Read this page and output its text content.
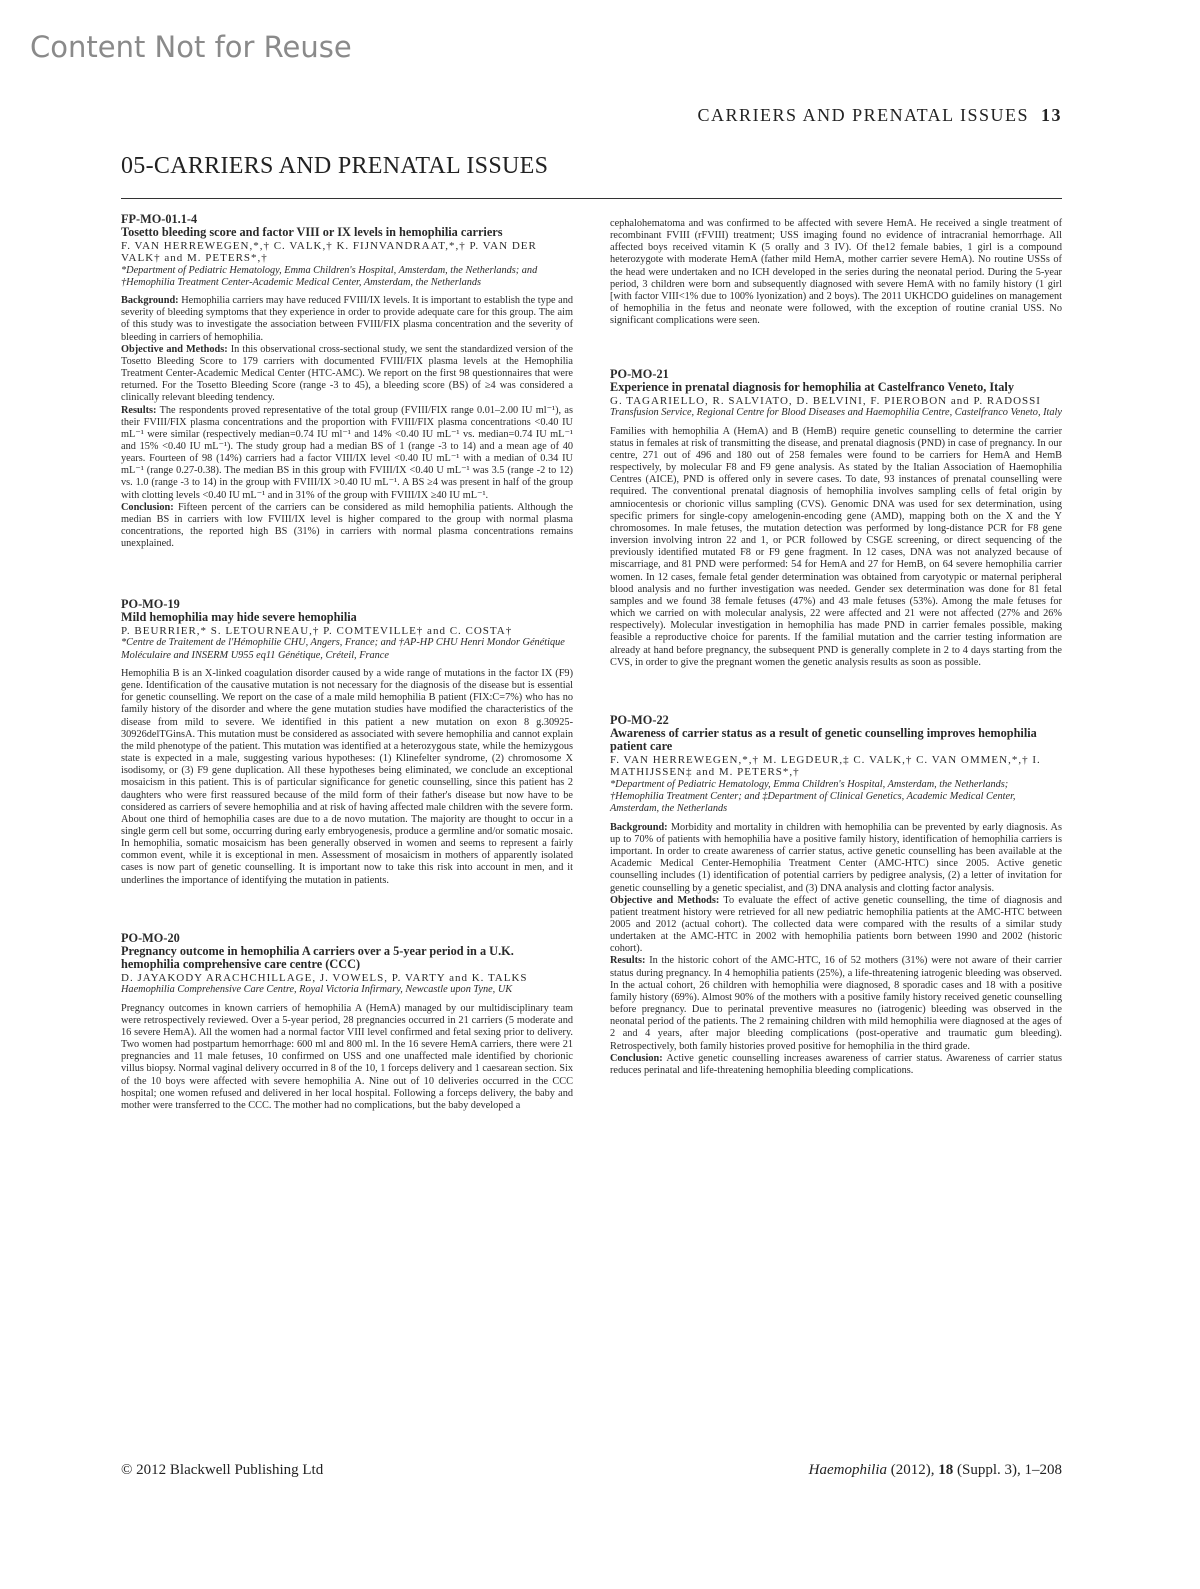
Content Not for Reuse
CARRIERS AND PRENATAL ISSUES 13
05-CARRIERS AND PRENATAL ISSUES
FP-MO-01.1-4
Tosetto bleeding score and factor VIII or IX levels in hemophilia carriers
F. VAN HERREWEGEN,*,† C. VALK,† K. FIJNVANDRAAT,*,† P. VAN DER VALK† and M. PETERS*,†
*Department of Pediatric Hematology, Emma Children's Hospital, Amsterdam, the Netherlands; and †Hemophilia Treatment Center-Academic Medical Center, Amsterdam, the Netherlands
Background: Hemophilia carriers may have reduced FVIII/IX levels. It is important to establish the type and severity of bleeding symptoms that they experience in order to provide adequate care for this group. The aim of this study was to investigate the association between FVIII/FIX plasma concentration and the severity of bleeding in carriers of hemophilia.
Objective and Methods: In this observational cross-sectional study, we sent the standardized version of the Tosetto Bleeding Score to 179 carriers with documented FVIII/FIX plasma levels at the Hemophilia Treatment Center-Academic Medical Center (HTC-AMC). We report on the first 98 questionnaires that were returned. For the Tosetto Bleeding Score (range -3 to 45), a bleeding score (BS) of ≥4 was considered a clinically relevant bleeding tendency.
Results: The respondents proved representative of the total group (FVIII/FIX range 0.01–2.00 IU ml⁻¹), as their FVIII/FIX plasma concentrations and the proportion with FVIII/FIX plasma concentrations <0.40 IU mL⁻¹ were similar (respectively median=0.74 IU ml⁻¹ and 14% <0.40 IU mL⁻¹ vs. median=0.74 IU mL⁻¹ and 15% <0.40 IU mL⁻¹). The study group had a median BS of 1 (range -3 to 14) and a mean age of 40 years. Fourteen of 98 (14%) carriers had a factor VIII/IX level <0.40 IU mL⁻¹ with a median of 0.34 IU mL⁻¹ (range 0.27-0.38). The median BS in this group with FVIII/IX <0.40 U mL⁻¹ was 3.5 (range -2 to 12) vs. 1.0 (range -3 to 14) in the group with FVIII/IX >0.40 IU mL⁻¹. A BS ≥4 was present in half of the group with clotting levels <0.40 IU mL⁻¹ and in 31% of the group with FVIII/IX ≥40 IU mL⁻¹.
Conclusion: Fifteen percent of the carriers can be considered as mild hemophilia patients. Although the median BS in carriers with low FVIII/IX level is higher compared to the group with normal plasma concentrations, the reported high BS (31%) in carriers with normal plasma concentrations remains unexplained.
PO-MO-19
Mild hemophilia may hide severe hemophilia
P. BEURRIER,* S. LETOURNEAU,† P. COMTEVILLE† and C. COSTA†
*Centre de Traitement de l'Hémophilie CHU, Angers, France; and †AP-HP CHU Henri Mondor Génétique Moléculaire and INSERM U955 eq11 Génétique, Créteil, France
Hemophilia B is an X-linked coagulation disorder caused by a wide range of mutations in the factor IX (F9) gene. Identification of the causative mutation is not necessary for the diagnosis of the disease but is essential for genetic counselling. We report on the case of a male mild hemophilia B patient (FIX:C=7%) who has no family history of the disorder and where the gene mutation studies have modified the characteristics of the disease from mild to severe. We identified in this patient a new mutation on exon 8 g.30925-30926delTGinsA. This mutation must be considered as associated with severe hemophilia and cannot explain the mild phenotype of the patient. This mutation was identified at a heterozygous state, while the hemizygous state is expected in a male, suggesting various hypotheses: (1) Klinefelter syndrome, (2) chromosome X isodisomy, or (3) F9 gene duplication. All these hypotheses being eliminated, we conclude an exceptional mosaicism in this patient. This is of particular significance for genetic counselling, since this patient has 2 daughters who were first reassured because of the mild form of their father's disease but now have to be considered as carriers of severe hemophilia and at risk of having affected male children with the severe form. About one third of hemophilia cases are due to a de novo mutation. The majority are thought to occur in a single germ cell but some, occurring during early embryogenesis, produce a germline and/or somatic mosaic. In hemophilia, somatic mosaicism has been generally observed in women and seems to represent a fairly common event, while it is exceptional in men. Assessment of mosaicism in mothers of apparently isolated cases is now part of genetic counselling. It is important now to take this risk into account in men, and it underlines the importance of identifying the mutation in patients.
PO-MO-20
Pregnancy outcome in hemophilia A carriers over a 5-year period in a U.K. hemophilia comprehensive care centre (CCC)
D. JAYAKODY ARACHCHILLAGE, J. VOWELS, P. VARTY and K. TALKS
Haemophilia Comprehensive Care Centre, Royal Victoria Infirmary, Newcastle upon Tyne, UK
Pregnancy outcomes in known carriers of hemophilia A (HemA) managed by our multidisciplinary team were retrospectively reviewed. Over a 5-year period, 28 pregnancies occurred in 21 carriers (5 moderate and 16 severe HemA). All the women had a normal factor VIII level confirmed and fetal sexing prior to delivery. Two women had postpartum hemorrhage: 600 ml and 800 ml. In the 16 severe HemA carriers, there were 21 pregnancies and 11 male fetuses, 10 confirmed on USS and one unaffected male identified by chorionic villus biopsy. Normal vaginal delivery occurred in 8 of the 10, 1 forceps delivery and 1 caesarean section. Six of the 10 boys were affected with severe hemophilia A. Nine out of 10 deliveries occurred in the CCC hospital; one women refused and delivered in her local hospital. Following a forceps delivery, the baby and mother were transferred to the CCC. The mother had no complications, but the baby developed a
cephalohematoma and was confirmed to be affected with severe HemA. He received a single treatment of recombinant FVIII (rFVIII) treatment; USS imaging found no evidence of intracranial hemorrhage. All affected boys received vitamin K (5 orally and 3 IV). Of the12 female babies, 1 girl is a compound heterozygote with moderate HemA (father mild HemA, mother carrier severe HemA). No routine USSs of the head were undertaken and no ICH developed in the series during the neonatal period. During the 5-year period, 3 children were born and subsequently diagnosed with severe HemA with no family history (1 girl [with factor VIII<1% due to 100% lyonization) and 2 boys). The 2011 UKHCDO guidelines on management of hemophilia in the fetus and neonate were followed, with the exception of routine cranial USS. No significant complications were seen.
PO-MO-21
Experience in prenatal diagnosis for hemophilia at Castelfranco Veneto, Italy
G. TAGARIELLO, R. SALVIATO, D. BELVINI, F. PIEROBON and P. RADOSSI
Transfusion Service, Regional Centre for Blood Diseases and Haemophilia Centre, Castelfranco Veneto, Italy
Families with hemophilia A (HemA) and B (HemB) require genetic counselling to determine the carrier status in females at risk of transmitting the disease, and prenatal diagnosis (PND) in case of pregnancy. In our centre, 271 out of 496 and 180 out of 258 females were found to be carriers for HemA and HemB respectively, by molecular F8 and F9 gene analysis. As stated by the Italian Association of Haemophilia Centres (AICE), PND is offered only in severe cases. To date, 93 instances of prenatal counselling were required. The conventional prenatal diagnosis of hemophilia involves sampling cells of fetal origin by amniocentesis or chorionic villus sampling (CVS). Genomic DNA was used for sex determination, using specific primers for single-copy amelogenin-encoding gene (AMD), mapping both on the X and the Y chromosomes. In male fetuses, the mutation detection was performed by long-distance PCR for F8 gene inversion involving intron 22 and 1, or PCR followed by CSGE screening, or direct sequencing of the previously identified mutated F8 or F9 gene fragment. In 12 cases, DNA was not analyzed because of miscarriage, and 81 PND were performed: 54 for HemA and 27 for HemB, on 64 severe hemophilia carrier women. In 12 cases, female fetal gender determination was obtained from caryotypic or maternal peripheral blood analysis and no further investigation was needed. Gender sex determination was done for 81 fetal samples and we found 38 female fetuses (47%) and 43 male fetuses (53%). Among the male fetuses for which we carried on with molecular analysis, 22 were affected and 21 were not affected (27% and 26% respectively). Molecular investigation in hemophilia has made PND in carrier females possible, making feasible a reproductive choice for parents. If the familial mutation and the carrier testing information are already at hand before pregnancy, the subsequent PND is generally complete in 2 to 4 days starting from the CVS, in order to give the pregnant women the genetic analysis results as soon as possible.
PO-MO-22
Awareness of carrier status as a result of genetic counselling improves hemophilia patient care
F. VAN HERREWEGEN,*,† M. LEGDEUR,‡ C. VALK,† C. VAN OMMEN,*,† I. MATHIJSSEN‡ and M. PETERS*,†
*Department of Pediatric Hematology, Emma Children's Hospital, Amsterdam, the Netherlands; †Hemophilia Treatment Center; and ‡Department of Clinical Genetics, Academic Medical Center, Amsterdam, the Netherlands
Background: Morbidity and mortality in children with hemophilia can be prevented by early diagnosis. As up to 70% of patients with hemophilia have a positive family history, identification of hemophilia carriers is important. In order to create awareness of carrier status, active genetic counselling has been available at the Academic Medical Center-Hemophilia Treatment Center (AMC-HTC) since 2005. Active genetic counselling includes (1) identification of potential carriers by pedigree analysis, (2) a letter of invitation for genetic counselling by a genetic specialist, and (3) DNA analysis and clotting factor analysis.
Objective and Methods: To evaluate the effect of active genetic counselling, the time of diagnosis and patient treatment history were retrieved for all new pediatric hemophilia patients at the AMC-HTC between 2005 and 2012 (actual cohort). The collected data were compared with the results of a similar study undertaken at the AMC-HTC in 2002 with hemophilia patients born between 1990 and 2002 (historic cohort).
Results: In the historic cohort of the AMC-HTC, 16 of 52 mothers (31%) were not aware of their carrier status during pregnancy. In 4 hemophilia patients (25%), a life-threatening iatrogenic bleeding was observed. In the actual cohort, 26 children with hemophilia were diagnosed, 8 sporadic cases and 18 with a positive family history (69%). Almost 90% of the mothers with a positive family history received genetic counselling before pregnancy. Due to perinatal preventive measures no (iatrogenic) bleeding was observed in the neonatal period of the patients. The 2 remaining children with mild hemophilia were diagnosed at the ages of 2 and 4 years, after major bleeding complications (post-operative and traumatic gum bleeding). Retrospectively, both family histories proved positive for hemophilia in the third grade.
Conclusion: Active genetic counselling increases awareness of carrier status. Awareness of carrier status reduces perinatal and life-threatening hemophilia bleeding complications.
© 2012 Blackwell Publishing Ltd	Haemophilia (2012), 18 (Suppl. 3), 1–208
